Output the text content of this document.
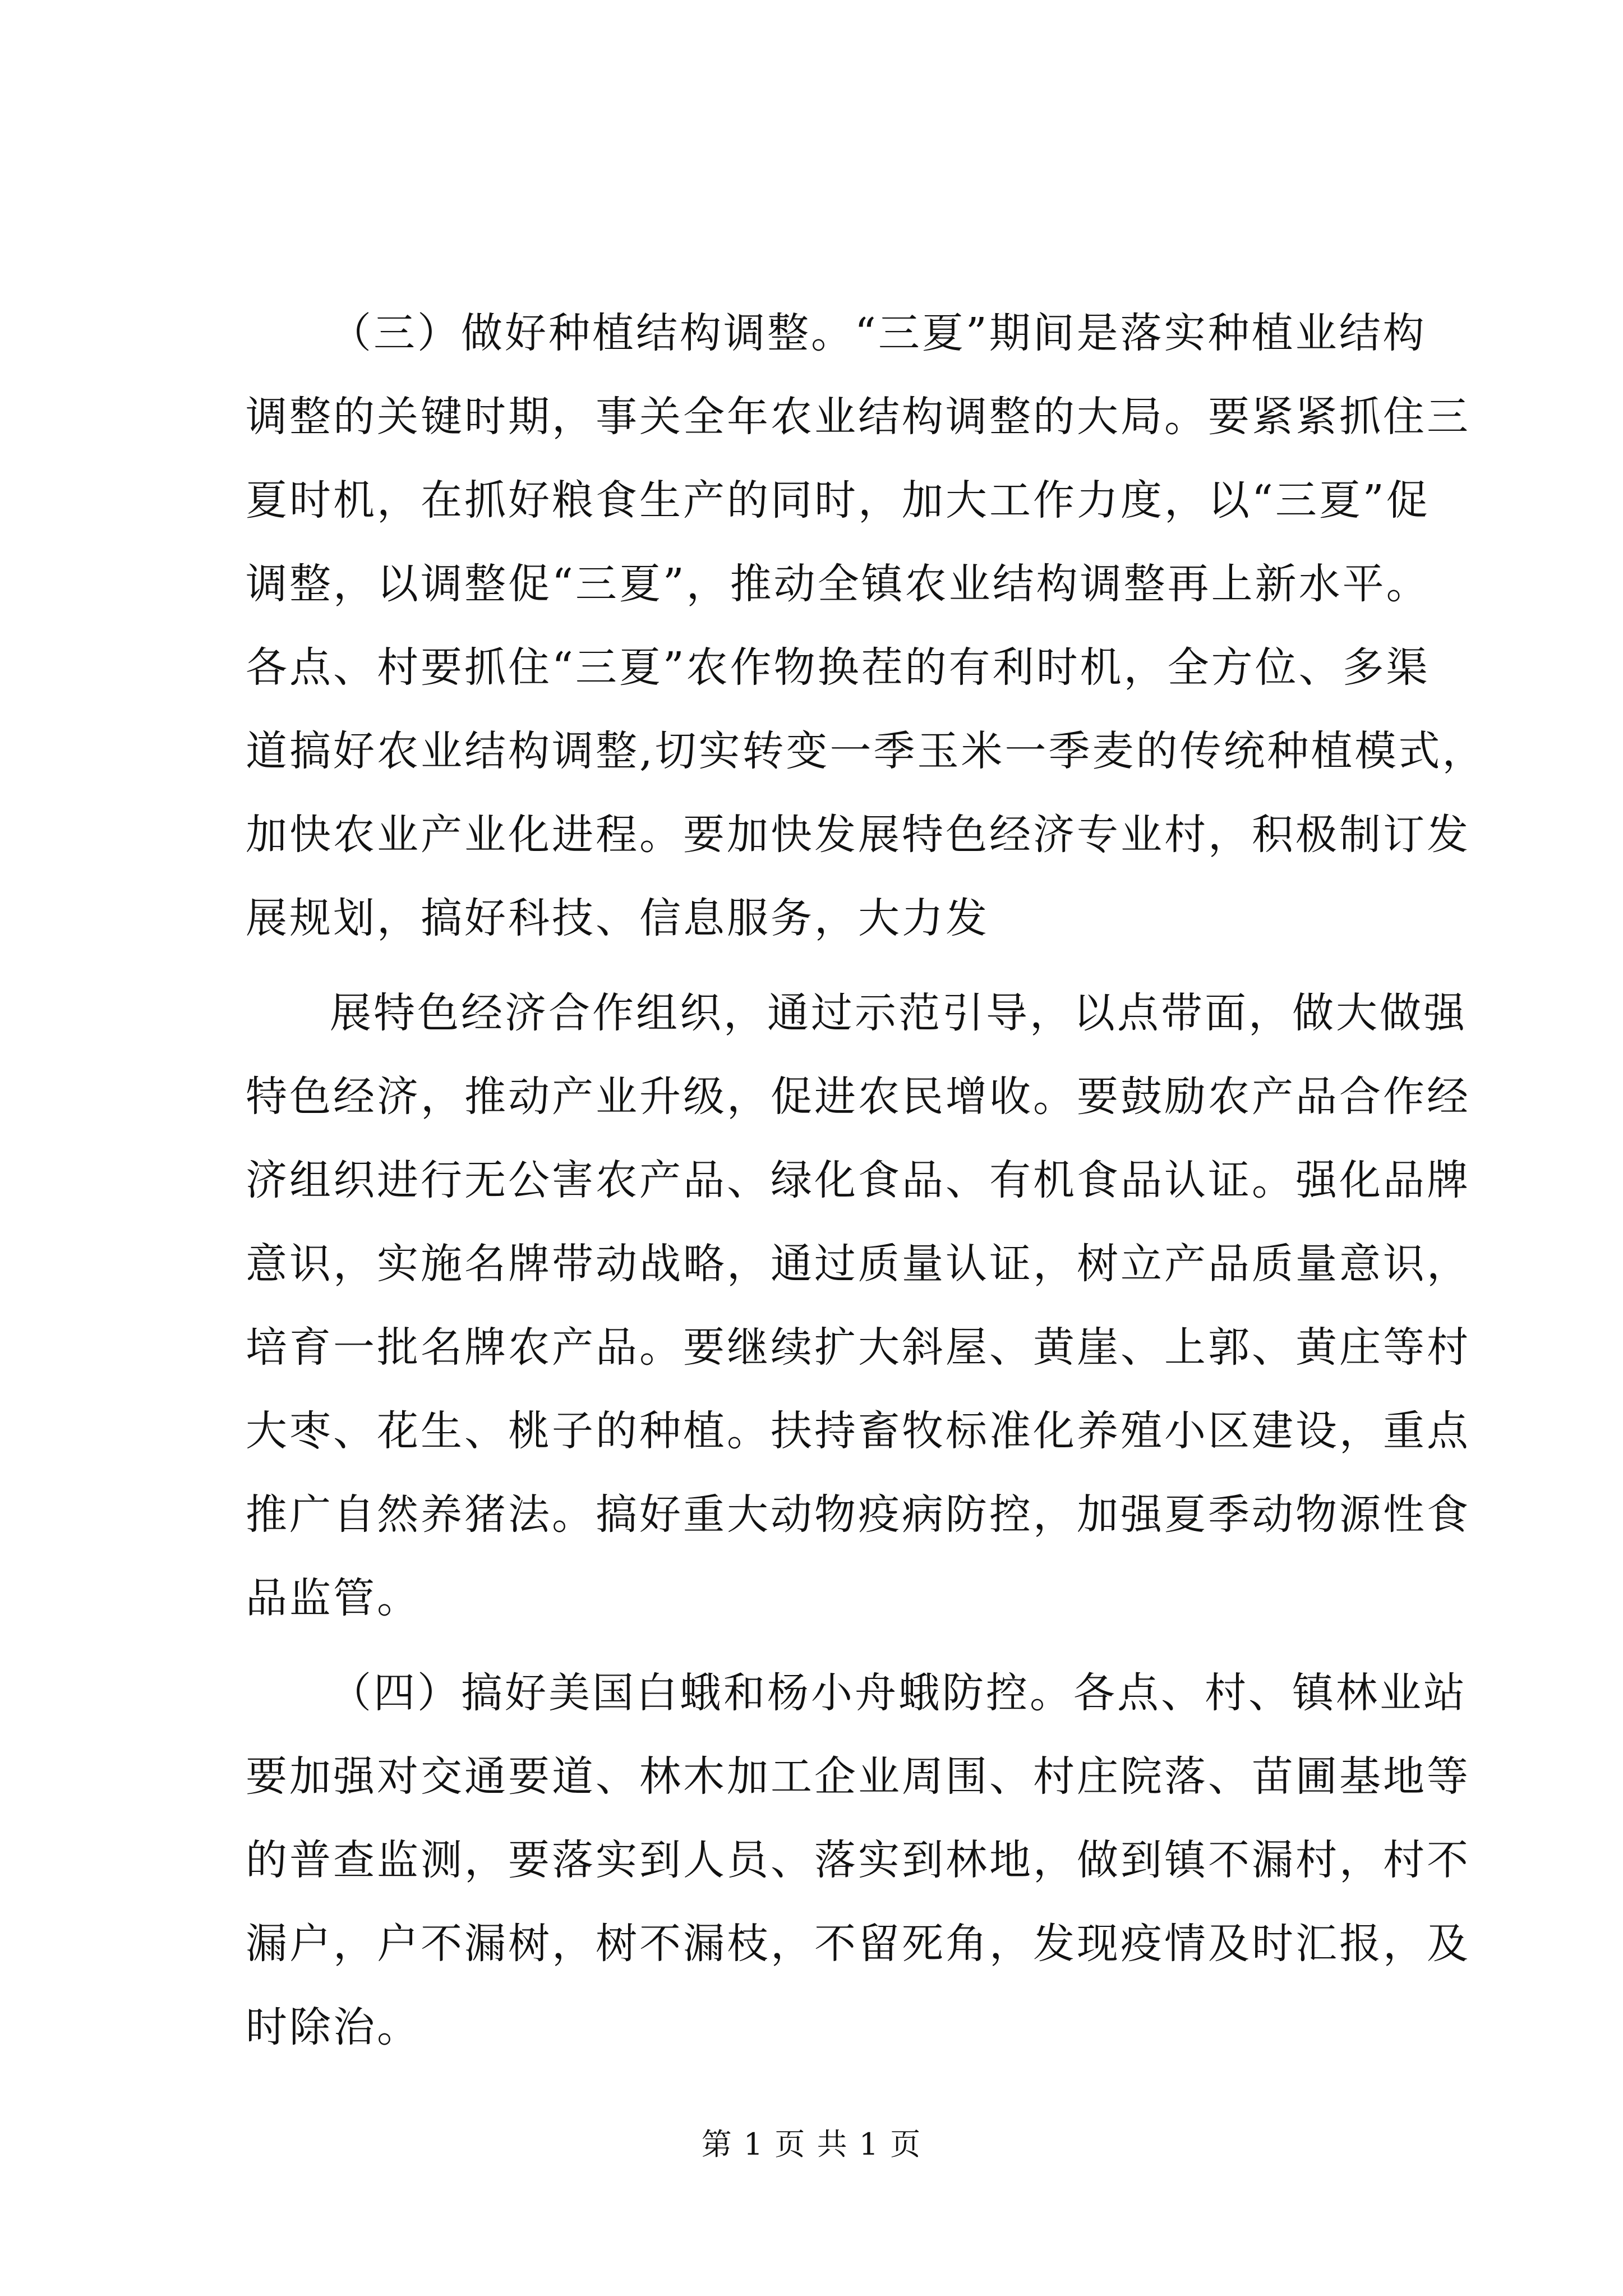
（三）做好种植结构调整。“三夏”期间是落实种植业结构
调整的关键时期，事关全年农业结构调整的大局。要紧紧抓住三
夏时机，在抓好粮食生产的同时，加大工作力度，以“三夏”促
调整，以调整促“三夏”，推动全镇农业结构调整再上新水平。
各点、村要抓住“三夏”农作物换茬的有利时机，全方位、多渠
道搞好农业结构调整,切实转变一季玉米一季麦的传统种植模式，
加快农业产业化进程。要加快发展特色经济专业村，积极制订发
展规划，搞好科技、信息服务，大力发

展特色经济合作组织，通过示范引导，以点带面，做大做强
特色经济，推动产业升级，促进农民增收。要鼓励农产品合作经
济组织进行无公害农产品、绿化食品、有机食品认证。强化品牌
意识，实施名牌带动战略，通过质量认证，树立产品质量意识，
培育一批名牌农产品。要继续扩大斜屋、黄崖、上郭、黄庄等村
大枣、花生、桃子的种植。扶持畜牧标准化养殖小区建设，重点
推广自然养猪法。搞好重大动物疫病防控，加强夏季动物源性食
品监管。

（四）搞好美国白蛾和杨小舟蛾防控。各点、村、镇林业站
要加强对交通要道、林木加工企业周围、村庄院落、苗圃基地等
的普查监测，要落实到人员、落实到林地，做到镇不漏村，村不
漏户，户不漏树，树不漏枝，不留死角，发现疫情及时汇报，及
时除治。

第 1 页 共 1 页
